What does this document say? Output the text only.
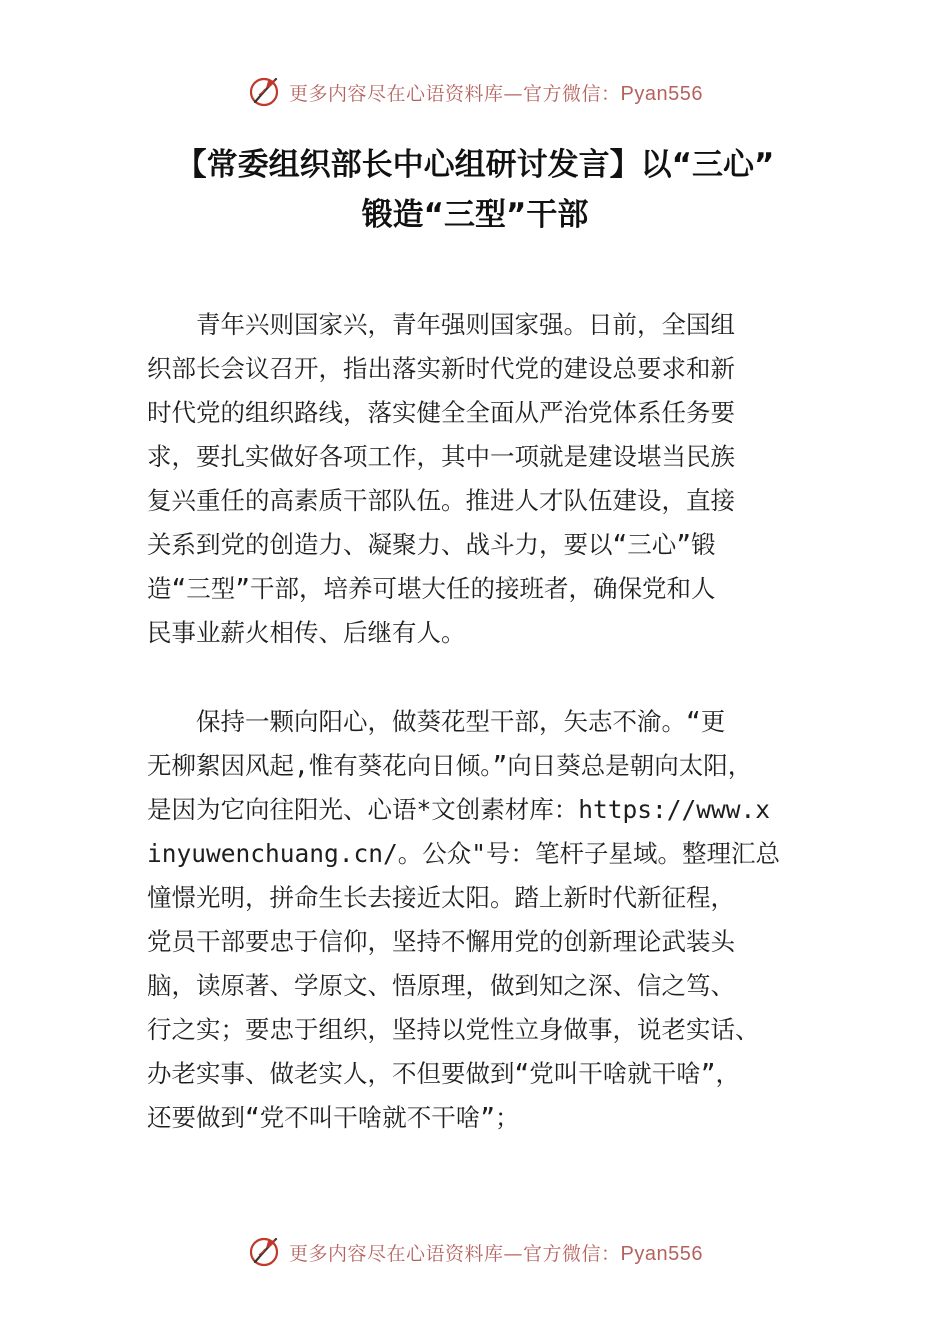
更多内容尽在心语资料库—官方微信：Pyan556
【常委组织部长中心组研讨发言】以“三心”
锻造“三型”干部
　　青年兴则国家兴，青年强则国家强。日前，全国组
织部长会议召开，指出落实新时代党的建设总要求和新
时代党的组织路线，落实健全全面从严治党体系任务要
求，要扎实做好各项工作，其中一项就是建设堪当民族
复兴重任的高素质干部队伍。推进人才队伍建设，直接
关系到党的创造力、凝聚力、战斗力，要以“三心”锻
造“三型”干部，培养可堪大任的接班者，确保党和人
民事业薪火相传、后继有人。
　　保持一颗向阳心，做葵花型干部，矢志不渝。“更
无柳絮因风起,惟有葵花向日倾。”向日葵总是朝向太阳，
是因为它向往阳光、心语*文创素材库：https://www.x
inyuwenchuang.cn/。公众"号：笔杆子星域。整理汇总
憧憬光明，拼命生长去接近太阳。踏上新时代新征程，
党员干部要忠于信仰，坚持不懈用党的创新理论武装头
脑，读原著、学原文、悟原理，做到知之深、信之笃、
行之实；要忠于组织，坚持以党性立身做事，说老实话、
办老实事、做老实人，不但要做到“党叫干啥就干啥”，
还要做到“党不叫干啥就不干啥”；
更多内容尽在心语资料库—官方微信：Pyan556
